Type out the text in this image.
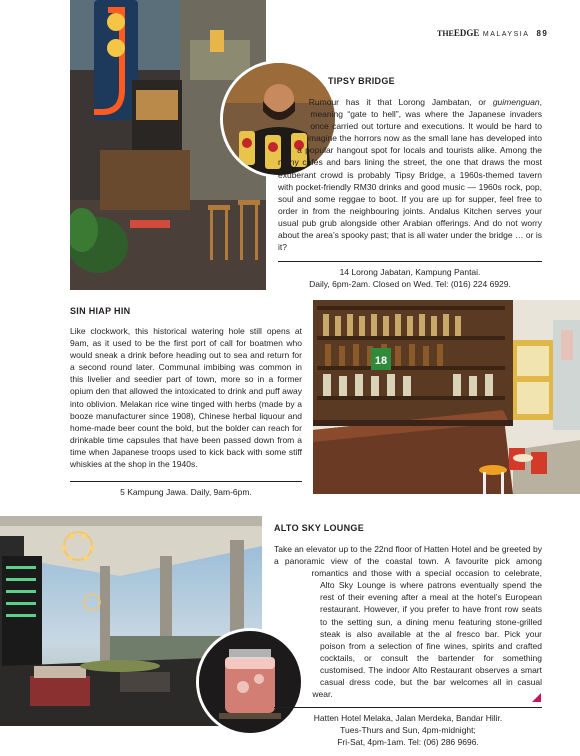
THEEDGE MALAYSIA 89
TIPSY BRIDGE
Rumour has it that Lorong Jambatan, or guimenguan, meaning “gate to hell”, was where the Japanese invaders once carried out torture and executions. It would be hard to imagine the horrors now as the small lane has developed into a popular hangout spot for locals and tourists alike. Among the many cafés and bars lining the street, the one that draws the most exuberant crowd is probably Tipsy Bridge, a 1960s-themed tavern with pocket-friendly RM30 drinks and good music — 1960s rock, pop, soul and some reggae to boot. If you are up for supper, feel free to order in from the neighbouring joints. Andalus Kitchen serves your usual pub grub alongside other Arabian offerings. And do not worry about the area’s spooky past; that is all water under the bridge … or is it?
14 Lorong Jabatan, Kampung Pantai.
Daily, 6pm-2am. Closed on Wed. Tel: (016) 224 6929.
SIN HIAP HIN
Like clockwork, this historical watering hole still opens at 9am, as it used to be the first port of call for boatmen who would sneak a drink before heading out to sea and return for a second round later. Communal imbibing was common in this livelier and seedier part of town, more so in a former opium den that allowed the intoxicated to drink and puff away into oblivion. Melakan rice wine tinged with herbs (made by a booze manufacturer since 1908), Chinese herbal liquour and home-made beer count the bold, but the bolder can reach for drinkable time capsules that have been passed down from a time when Japanese troops used to kick back with some stiff whiskies at the shop in the 1940s.
5 Kampung Jawa. Daily, 9am-6pm.
18
ALTO SKY LOUNGE
Take an elevator up to the 22nd floor of Hatten Hotel and be greeted by a panoramic view of the coastal town. A favourite pick among romantics and those with a special occasion to celebrate, Alto Sky Lounge is where patrons eventually spend the rest of their evening after a meal at the hotel’s European restaurant. However, if you prefer to have front row seats to the setting sun, a dining menu featuring stone-grilled steak is also available at the al fresco bar. Pick your poison from a selection of fine wines, spirits and crafted cocktails, or consult the bartender for something customised. The indoor Alto Restaurant observes a smart casual dress code, but the bar welcomes all in casual wear.
Hatten Hotel Melaka, Jalan Merdeka, Bandar Hilir.
Tues-Thurs and Sun, 4pm-midnight;
Fri-Sat, 4pm-1am. Tel: (06) 286 9696.
